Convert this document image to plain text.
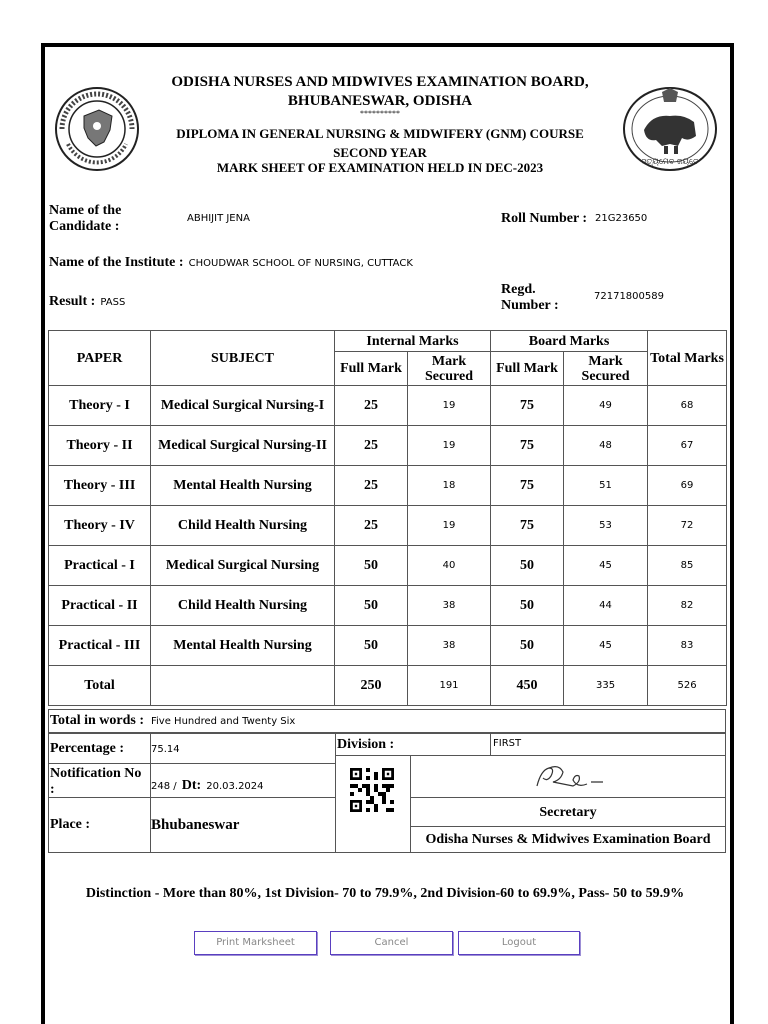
ସତ୍ୟମେବ ଜୟତେ
ODISHA NURSES AND MIDWIVES EXAMINATION BOARD,
BHUBANESWAR, ODISHA
**********
DIPLOMA IN GENERAL NURSING & MIDWIFERY (GNM) COURSE
SECOND YEAR
MARK SHEET OF EXAMINATION HELD IN DEC-2023
Name of the Candidate :
ABHIJIT JENA	Roll Number : 21G23650
Name of the Institute : CHOUDWAR SCHOOL OF NURSING, CUTTACK
Result : PASS
Regd. Number :
72171800589
PAPER	SUBJECT	Internal Marks		Board Marks		Total Marks
		Full Mark	Mark Secured	Full Mark	Mark Secured	
Theory - I	Medical Surgical Nursing-I	25	19	75	49	68
Theory - II	Medical Surgical Nursing-II	25	19	75	48	67
Theory - III	Mental Health Nursing	25	18	75	51	69
Theory - IV	Child Health Nursing	25	19	75	53	72
Practical - I	Medical Surgical Nursing	50	40	50	45	85
Practical - II	Child Health Nursing	50	38	50	44	82
Practical - III	Mental Health Nursing	50	38	50	45	83
Total		250	191	450	335	526
Total in words : Five Hundred and Twenty Six
Percentage :	75.14	Division :	FIRST
Notification No :	248 / Dt: 20.03.2024
Place :	Bhubaneswar
Secretary
Odisha Nurses & Midwives Examination Board
Distinction - More than 80%, 1st Division- 70 to 79.9%, 2nd Division-60 to 69.9%, Pass- 50 to 59.9%
Print Marksheet	Cancel	Logout
